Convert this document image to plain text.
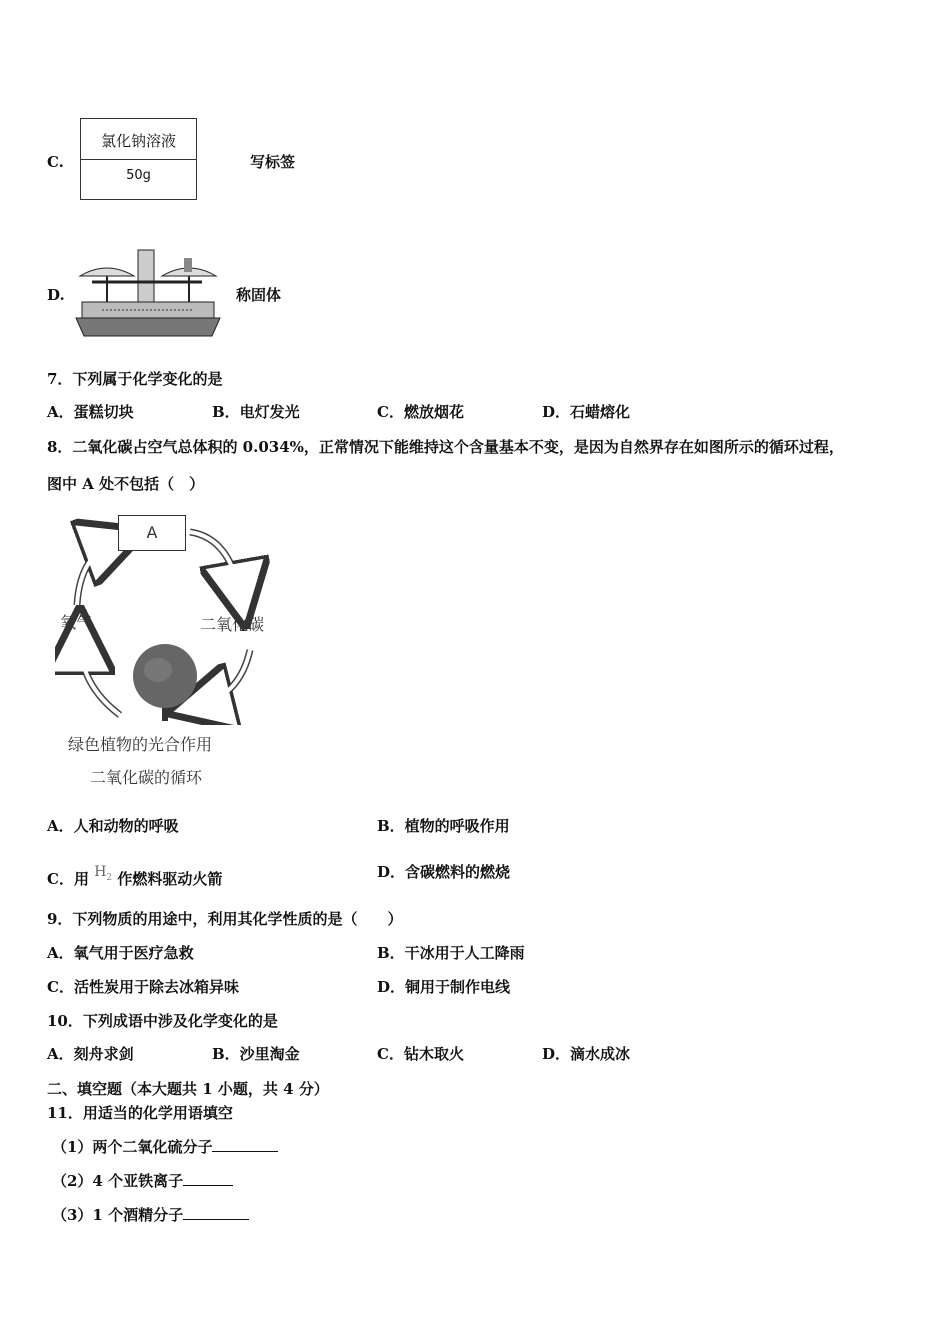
C.
氯化钠溶液
50g
写标签
D.	称固体
7．下列属于化学变化的是
A．蛋糕切块	B．电灯发光	C．燃放烟花	D．石蜡熔化
8．二氧化碳占空气总体积的 0.034%，正常情况下能维持这个含量基本不变，是因为自然界存在如图所示的循环过程，
图中 A 处不包括（　）
A
氧气	二氧化碳
绿色植物的光合作用
二氧化碳的循环
A．人和动物的呼吸	B．植物的呼吸作用
C．用 $H_2$ 作燃料驱动火箭	D．含碳燃料的燃烧
9．下列物质的用途中，利用其化学性质的是（　　）
A．氧气用于医疗急救	B．干冰用于人工降雨
C．活性炭用于除去冰箱异味	D．铜用于制作电线
10．下列成语中涉及化学变化的是
A．刻舟求剑	B．沙里淘金	C．钻木取火	D．滴水成冰
二、填空题（本大题共 1 小题，共 4 分）
11．用适当的化学用语填空
（1）两个二氧化硫分子
（2）4 个亚铁离子
（3）1 个酒精分子
